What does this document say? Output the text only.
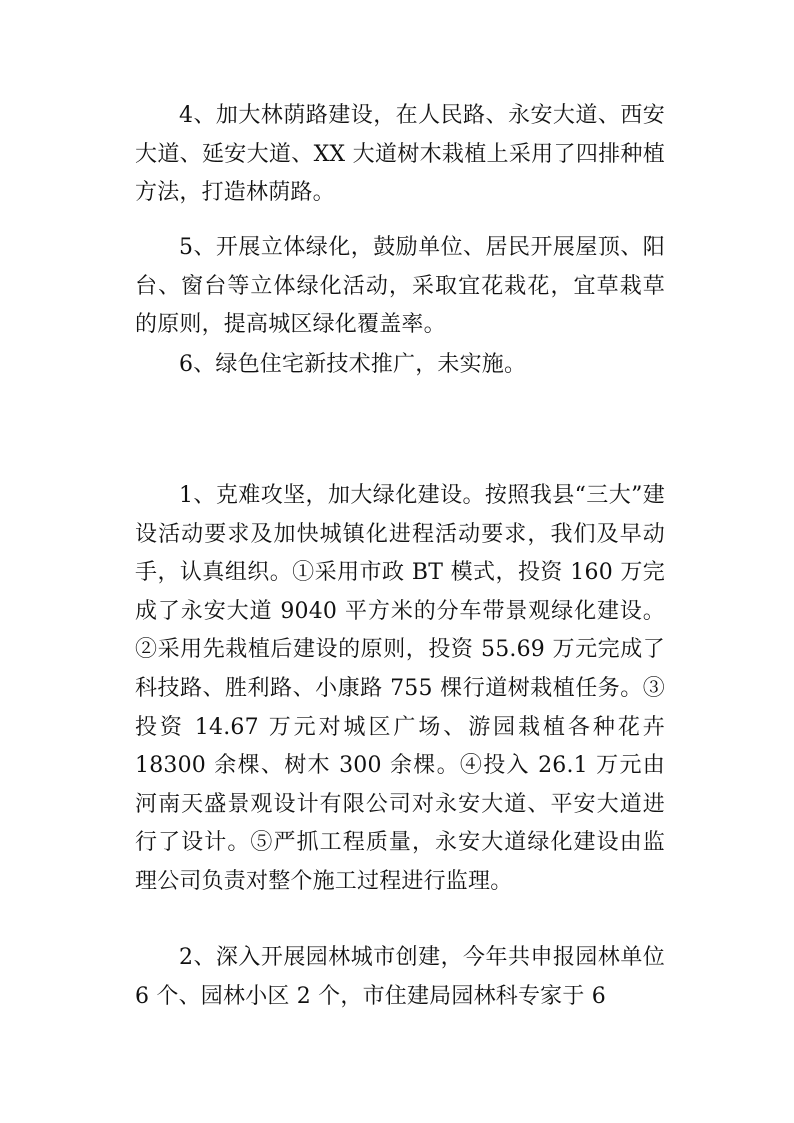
4、加大林荫路建设，在人民路、永安大道、西安大道、延安大道、XX 大道树木栽植上采用了四排种植方法，打造林荫路。

5、开展立体绿化，鼓励单位、居民开展屋顶、阳台、窗台等立体绿化活动，采取宜花栽花，宜草栽草的原则，提高城区绿化覆盖率。

6、绿色住宅新技术推广，未实施。

1、克难攻坚，加大绿化建设。按照我县“三大”建设活动要求及加快城镇化进程活动要求，我们及早动手，认真组织。①采用市政 BT 模式，投资 160 万完成了永安大道 9040 平方米的分车带景观绿化建设。②采用先栽植后建设的原则，投资 55.69 万元完成了科技路、胜利路、小康路 755 棵行道树栽植任务。③投资 14.67 万元对城区广场、游园栽植各种花卉 18300 余棵、树木 300 余棵。④投入 26.1 万元由河南天盛景观设计有限公司对永安大道、平安大道进行了设计。⑤严抓工程质量，永安大道绿化建设由监理公司负责对整个施工过程进行监理。

2、深入开展园林城市创建，今年共申报园林单位 6 个、园林小区 2 个，市住建局园林科专家于 6
